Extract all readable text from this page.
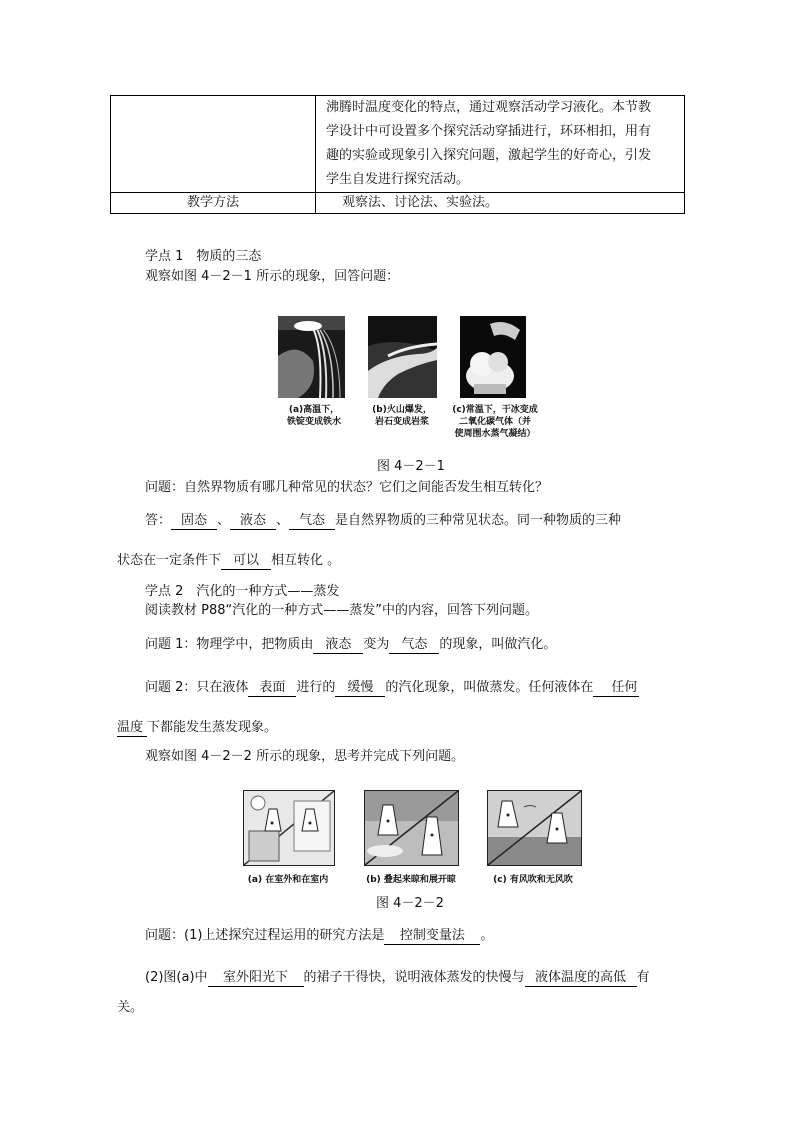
	沸腾时温度变化的特点，通过观察活动学习液化。本节教
学设计中可设置多个探究活动穿插进行，环环相扣，用有
趣的实验或现象引入探究问题，激起学生的好奇心，引发
学生自发进行探究活动。

教学方法	观察法、讨论法、实验法。
学点 1　物质的三态
观察如图 4－2－1 所示的现象，回答问题：
(a)高温下，
铁锭变成铁水
(b)火山爆发，
岩石变成岩浆
(c)常温下，干冰变成
二氧化碳气体（并
使周围水蒸气凝结）
图 4－2－1
问题：自然界物质有哪几种常见的状态？它们之间能否发生相互转化？
答： 固态 、 液态 、 气态 是自然界物质的三种常见状态。同一种物质的三种
状态在一定条件下 可以 相互转化 。
学点 2　汽化的一种方式——蒸发
阅读教材 P88“汽化的一种方式——蒸发”中的内容，回答下列问题。
问题 1：物理学中，把物质由 液态 变为 气态 的现象，叫做汽化。
问题 2：只在液体 表面 进行的 缓慢 的汽化现象，叫做蒸发。任何液体在 任何
温度 下都能发生蒸发现象。
观察如图 4－2－2 所示的现象，思考并完成下列问题。
(a) 在室外和在室内	(b) 叠起来晾和展开晾	(c) 有风吹和无风吹
图 4－2－2
问题：(1)上述探究过程运用的研究方法是 控制变量法 。
(2)图(a)中 室外阳光下 的裙子干得快，说明液体蒸发的快慢与 液体温度的高低 有
关。
